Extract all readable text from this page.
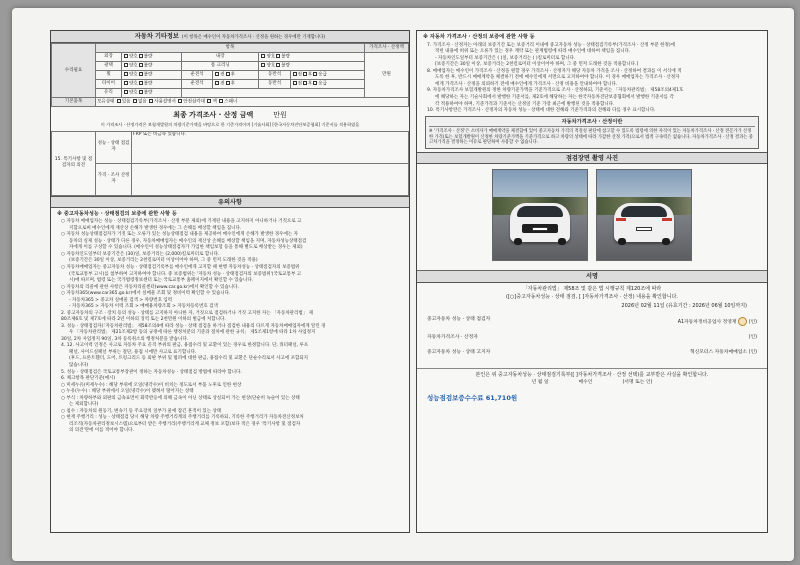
자동차 기타정보 (이 항목은 매수인이 자동차가격조사 · 산정을 원하는 경우에만 기재합니다)
수리필요	항목						가격조사 · 산정액
	외장	양호 불량	내장		양호 불량		만원
	광택	양호 불량	룸 크리닝		양호 불량		
	휠	양호 불량	운전석	전 후	동반석	전 후 응급	
	타이어	양호 불량	운전석	전 후	동반석	전 후 응급	
	유리	양호 불량					
기본품목	보유상태 있음 없음 사용설명서 안전삼각대 잭 스패너						
최종 가격조사 · 산정 금액	만원
이 가격조사 · 산정가격은 보험개발원의 차량기준가액을 바탕으로 한 기준가격이며 [기술사회] [한국자동차진단보증협회] 기준서를 적용하였음
15. 특기사항 및 점검자의 의견	성능 · 상태 점검자	FRP 또는 비금속 있습니다.
	가격 · 조사 산정자	
유의사항
※ 중고자동차성능 · 상태점검의 보증에 관한 사항 등

○ 자동차 매매업자는 성능 · 상태점검기록부(가격조사 · 산정 부분 제외)에 기재된 내용을 고지하지 아니하거나 거짓으로 고

지함으로써 매수인에게 재산상 손해가 발생한 경우에는 그 손해를 배상할 책임을 집니다.

○ 자동차 성능상태점검자가 거짓 또는 오류가 있는 성능상태점검 내용을 제공하여 매수인에게 손해가 발생한 경우에는 자

동차의 실제 성능 · 상태가 다른 경우, 자동차매매업자는 매수인의 재산상 손해를 배상할 책임을 지며, 자동차성능상태점검

자에게 이를 구상할 수 있습니다. (매수인이 성능상태점검자가 가입한 책임보험 등을 통해 별도로 배상받는 경우는 제외)

○ 자동차인도일부터 보증기간은 (30)일, 보증거리는 (2,000)킬로미터로 합니다.

(보증기간은 30일 이상, 보증거리는 2천킬로미터 이상이어야 하며, 그 중 먼저 도래한 것을 적용)

○ 자동차매매업자는 중고자동차 성능 · 상태점검기록부를 매수인에게 고지할 때 현행 자동차성능 · 상태점검자의 보증범위

(국토교통부 고시)를 첨부하여 고지하여야 합니다. 중 보증범위는 '자동차 성능 · 상태점검자의 보증범위'(국토교통부 고

시)에 따르며, 법령 또는 국가법령정보센터 또는 국토교통부 홈페이지에서 확인할 수 있습니다.

○ 자동차의 리콜에 관한 사항은 자동차리콜센터(www.car.go.kr)에서 확인할 수 있습니다.

○ 자동차365(www.car365.go.kr)에서 실매물 조회 및 정비이력 확인할 수 있습니다.

- 자동차365 > 중고차 실매물 검색 > 차량번호 입력

- 자동차365 > 자동차 이력 조회 > 매매용차량조회 > 자동차등록번호 검색

2. 중고자동차의 구조 · 장치 등의 성능 · 상태를 고지하지 아니한 자, 거짓으로 점검하거나 거짓 고지한 자는 「자동차관리법」 제

80조제6호 및 제7호에 따라 2년 이하의 징역 또는 2천만원 이하의 벌금에 처합니다.

3. 성능 · 상태점검자(「자동차관리법」 제58조의4에 따라 성능 · 상태 점검을 하거나 점검한 내용의 다르게 자동차매매업자에게 알린 경

우 「자동차관리법」 제21조제2항 등의 규정에 따른 행정처분의 기준과 절차에 관한 규칙」 제5조제1항에 따라 1차 사업정지

30일, 2차 사업정지 90일, 3차 등록취소의 행정처분을 받습니다.

4. 12. 사고이력 인정은 사고로 자동차 주요 골격 부위의 판금, 용접수리 및 교환이 있는 경우로 한정합니다. 단, 쿼터패널, 루프

패널, 사이드실패널 부위는 절단, 용접 시에만 사고로 표기합니다.

(후드, 프론트휀더, 도어, 트렁크리드 등 외판 부위 및 범퍼에 대한 판금, 용접수리 및 교환은 단순수리로서 사고에 포함되지

않습니다)

5. 성능 · 상태점검은 국토교통부장관이 정하는 자동차성능 · 상태점검 방법에 따라야 합니다.

6. 체크항목 판단기준(예시)

○ 미세누유(미세누수) : 해당 부위에 오일(냉각수)이 비치는 정도로서 부품 노후로 인한 현상

○ 누유(누수) : 해당 부위에서 오일(냉각수)이 맺혀서 떨어지는 상태

○ 부식 : 차량하부와 외판의 금속표면이 화학반응에 의해 금속이 아닌 상태로 상실되어 가는 현상(단순히 녹슬어 있는 상태

는 제외합니다)

○ 침수 : 자동차의 원동기, 변속기 등 주요장치 일부가 물에 잠긴 흔적이 있는 상태

○ 현재 주행거리 : 성능 · 상태점검 당시 해당 차량 주행거리계의 주행거리를 기록하되, 기록한 주행거리가 자동차전산정보처

리조직(자동차관리정보시스템)으로부터 받은 주행거리(주행거리계 교체 정보 포함)보다 적은 경우 '특기사항 및 점검자

의 의견'란에 이를 적어야 합니다.

※ 자동차 가격조사 · 산정의 보증에 관한 사항 등

7. 가격조사 · 산정자는 아래의 보증기간 또는 보증거리 이내에 중고자동차 성능 · 상태점검기록부(가격조사 · 산정 부분 한정)에

적힌 내용에 허위 또는 오류가 있는 경우 계약 또는 관계법령에 따라 매수인에 대하여 책임을 집니다.

- 자동차인도일부터 보증기간은 ( )일, 보증거리는 ( )킬로미터로 합니다.

[보증기간은 30일 이상, 보증거리는 2천킬로미터 이상이어야 하며, 그 중 먼저 도래한 것을 적용합니다.]

8. 매매업자는 매수인이 가격조사 · 산정을 원할 경우 가격조사 · 산정자가 해당 자동차 가격을 조사 · 산정하여 결과를 이 서식에 적

도록 한 후, 반드시 매매계약을 체결하기 전에 매수인에게 서면으로 고지하여야 합니다. 이 경우 매매업자는 가격조사 · 산정자

에게 가격조사 · 산정을 의뢰하기 전에 매수인에게 가격조사 · 산정 비용을 안내하여야 합니다.

9. 자동차가격조사 보험개발원의 정한 차량기준가액을 기준가격으로 조사 · 산정하되, 기준서는 「자동차관리법」 제58조의4제1호

에 해당하는 자는 기술사회에서 발행한 기준서를, 제2호에 해당하는 자는 한국자동차진단보증협회에서 발행한 기준서를 각

각 적용하여야 하며, 기준가격과 기준서는 산정일 기준 가장 최근에 발행된 것을 적용합니다.

10. 특기사항란은 가격조사 · 산정자의 자동차 성능 · 상태에 대한 견해와 기준가격과의 견해와 다를 경우 표시합니다.

자동차가격조사 · 산정이란
※ '가격조사 · 산정'은 소비자가 매매계약을 체결함에 있어 중고자동차 가격의 적절성 판단에 참고할 수 있도록 법령에 의한 자격이 있는 자동차가격조사 · 산정 전문가가 산정한 가격(또는 보험개발원이 산정한 차량기준가액을 기준가격으로 하고 차량의 상태에 따라 가감한 산정 가격)으로서 법적 구속력은 없습니다. 자동차가격조사 · 산정 결과는 중고차가격을 결정하는 이유로 판단하여 사용할 수 없습니다.
점검장면 촬영 사진
서명
「자동차관리법」 제58조 및 같은 법 시행규칙 제120조에 따라
([○]중고자동차성능 · 상태 점검, [ ]자동차가격조사 · 산정) 내용을 확인합니다.
2026년 02월 11일 (유효기간 : 2026년 06월 10일까지)
중고자동차 성능 · 상태 점검자
A1자동차정비공업사 정영재	(인)
자동차가격조사 · 산정자	(인)
중고자동차 성능 · 상태 고지자	혁신모터스 자동차매매업소 (인)
본인은 위 중고자동차성능 · 상태점검기록부([ ]자동차가격조사 · 산정 선택)를 교부받은 사실을 확인합니다.
년 월 일	매수인	(서명 또는 인)
성능점검보증수수료 61,710원
